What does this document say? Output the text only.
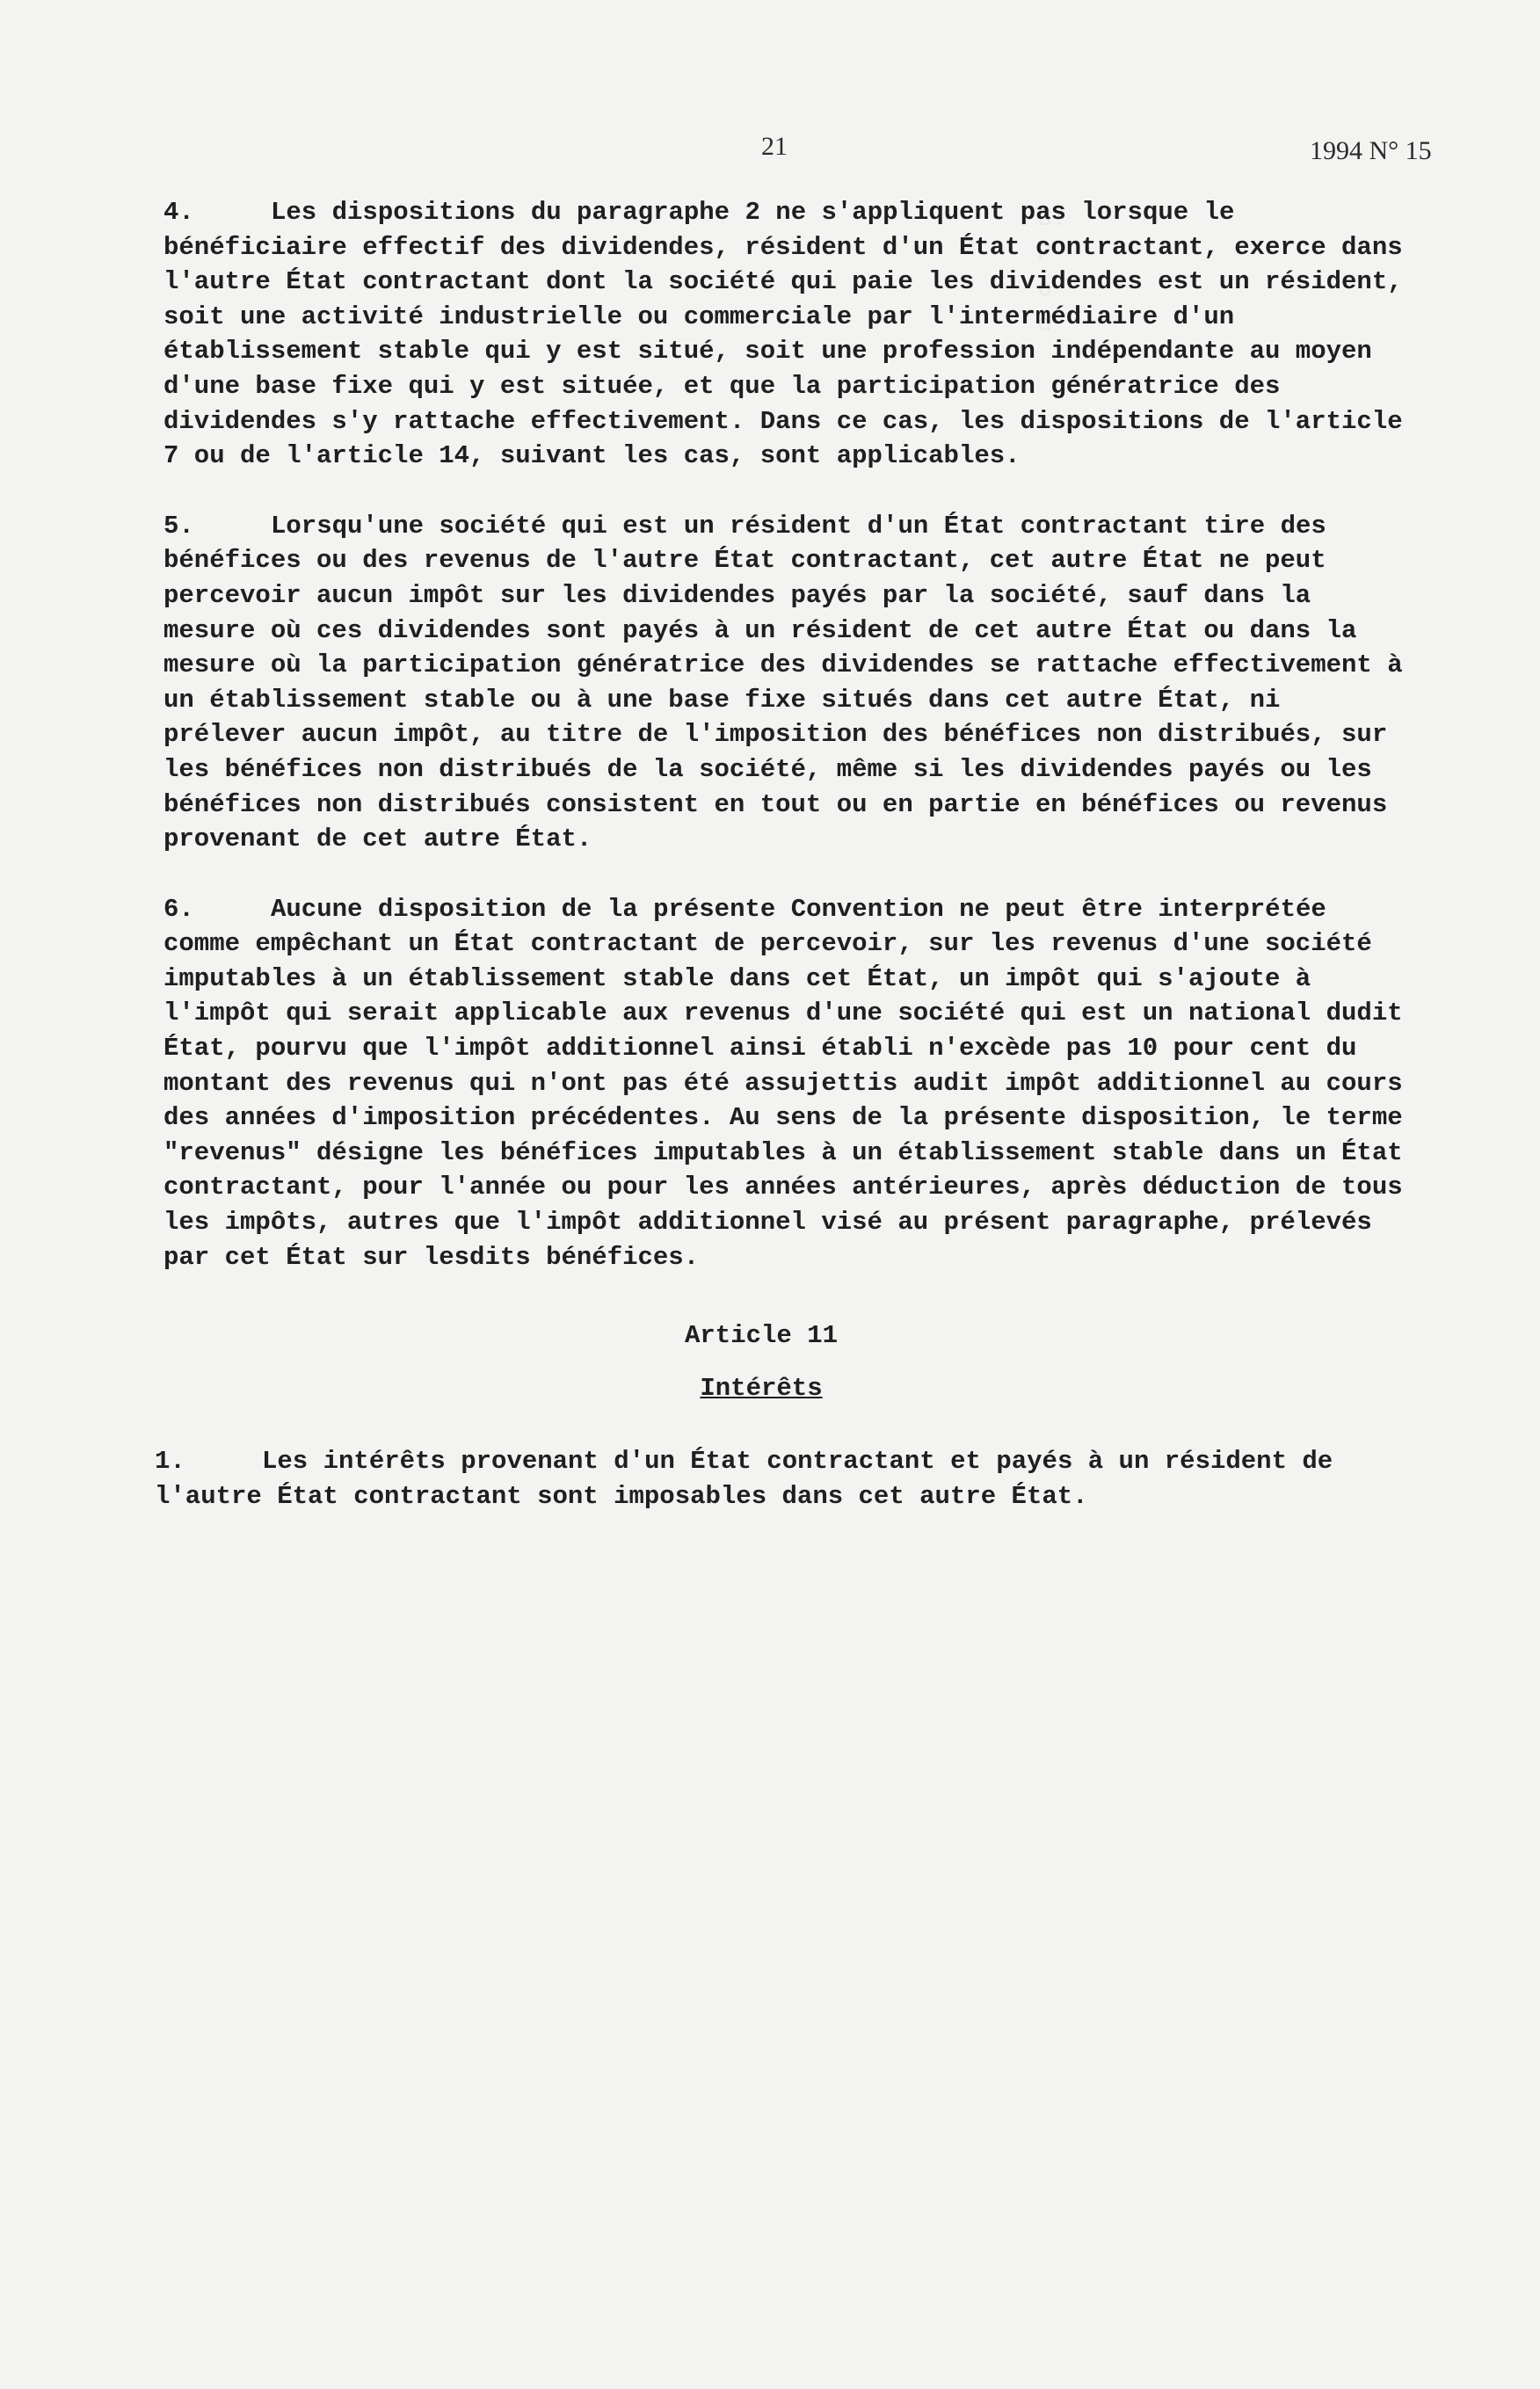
21	1994 N° 15

4.	Les dispositions du paragraphe 2 ne s'appliquent pas lorsque le bénéficiaire effectif des dividendes, résident d'un État contractant, exerce dans l'autre État contractant dont la société qui paie les dividendes est un résident, soit une activité industrielle ou commerciale par l'intermédiaire d'un établissement stable qui y est situé, soit une profession indépendante au moyen d'une base fixe qui y est située, et que la participation génératrice des dividendes s'y rattache effectivement. Dans ce cas, les dispositions de l'article 7 ou de l'article 14, suivant les cas, sont applicables.

5.	Lorsqu'une société qui est un résident d'un État contractant tire des bénéfices ou des revenus de l'autre État contractant, cet autre État ne peut percevoir aucun impôt sur les dividendes payés par la société, sauf dans la mesure où ces dividendes sont payés à un résident de cet autre État ou dans la mesure où la participation génératrice des dividendes se rattache effectivement à un établissement stable ou à une base fixe situés dans cet autre État, ni prélever aucun impôt, au titre de l'imposition des bénéfices non distribués, sur les bénéfices non distribués de la société, même si les dividendes payés ou les bénéfices non distribués consistent en tout ou en partie en bénéfices ou revenus provenant de cet autre État.

6.	Aucune disposition de la présente Convention ne peut être interprétée comme empêchant un État contractant de percevoir, sur les revenus d'une société imputables à un établissement stable dans cet État, un impôt qui s'ajoute à l'impôt qui serait applicable aux revenus d'une société qui est un national dudit État, pourvu que l'impôt additionnel ainsi établi n'excède pas 10 pour cent du montant des revenus qui n'ont pas été assujettis audit impôt additionnel au cours des années d'imposition précédentes. Au sens de la présente disposition, le terme "revenus" désigne les bénéfices imputables à un établissement stable dans un État contractant, pour l'année ou pour les années antérieures, après déduction de tous les impôts, autres que l'impôt additionnel visé au présent paragraphe, prélevés par cet État sur lesdits bénéfices.

Article 11
Intérêts

1.	Les intérêts provenant d'un État contractant et payés à un résident de l'autre État contractant sont imposables dans cet autre État.
